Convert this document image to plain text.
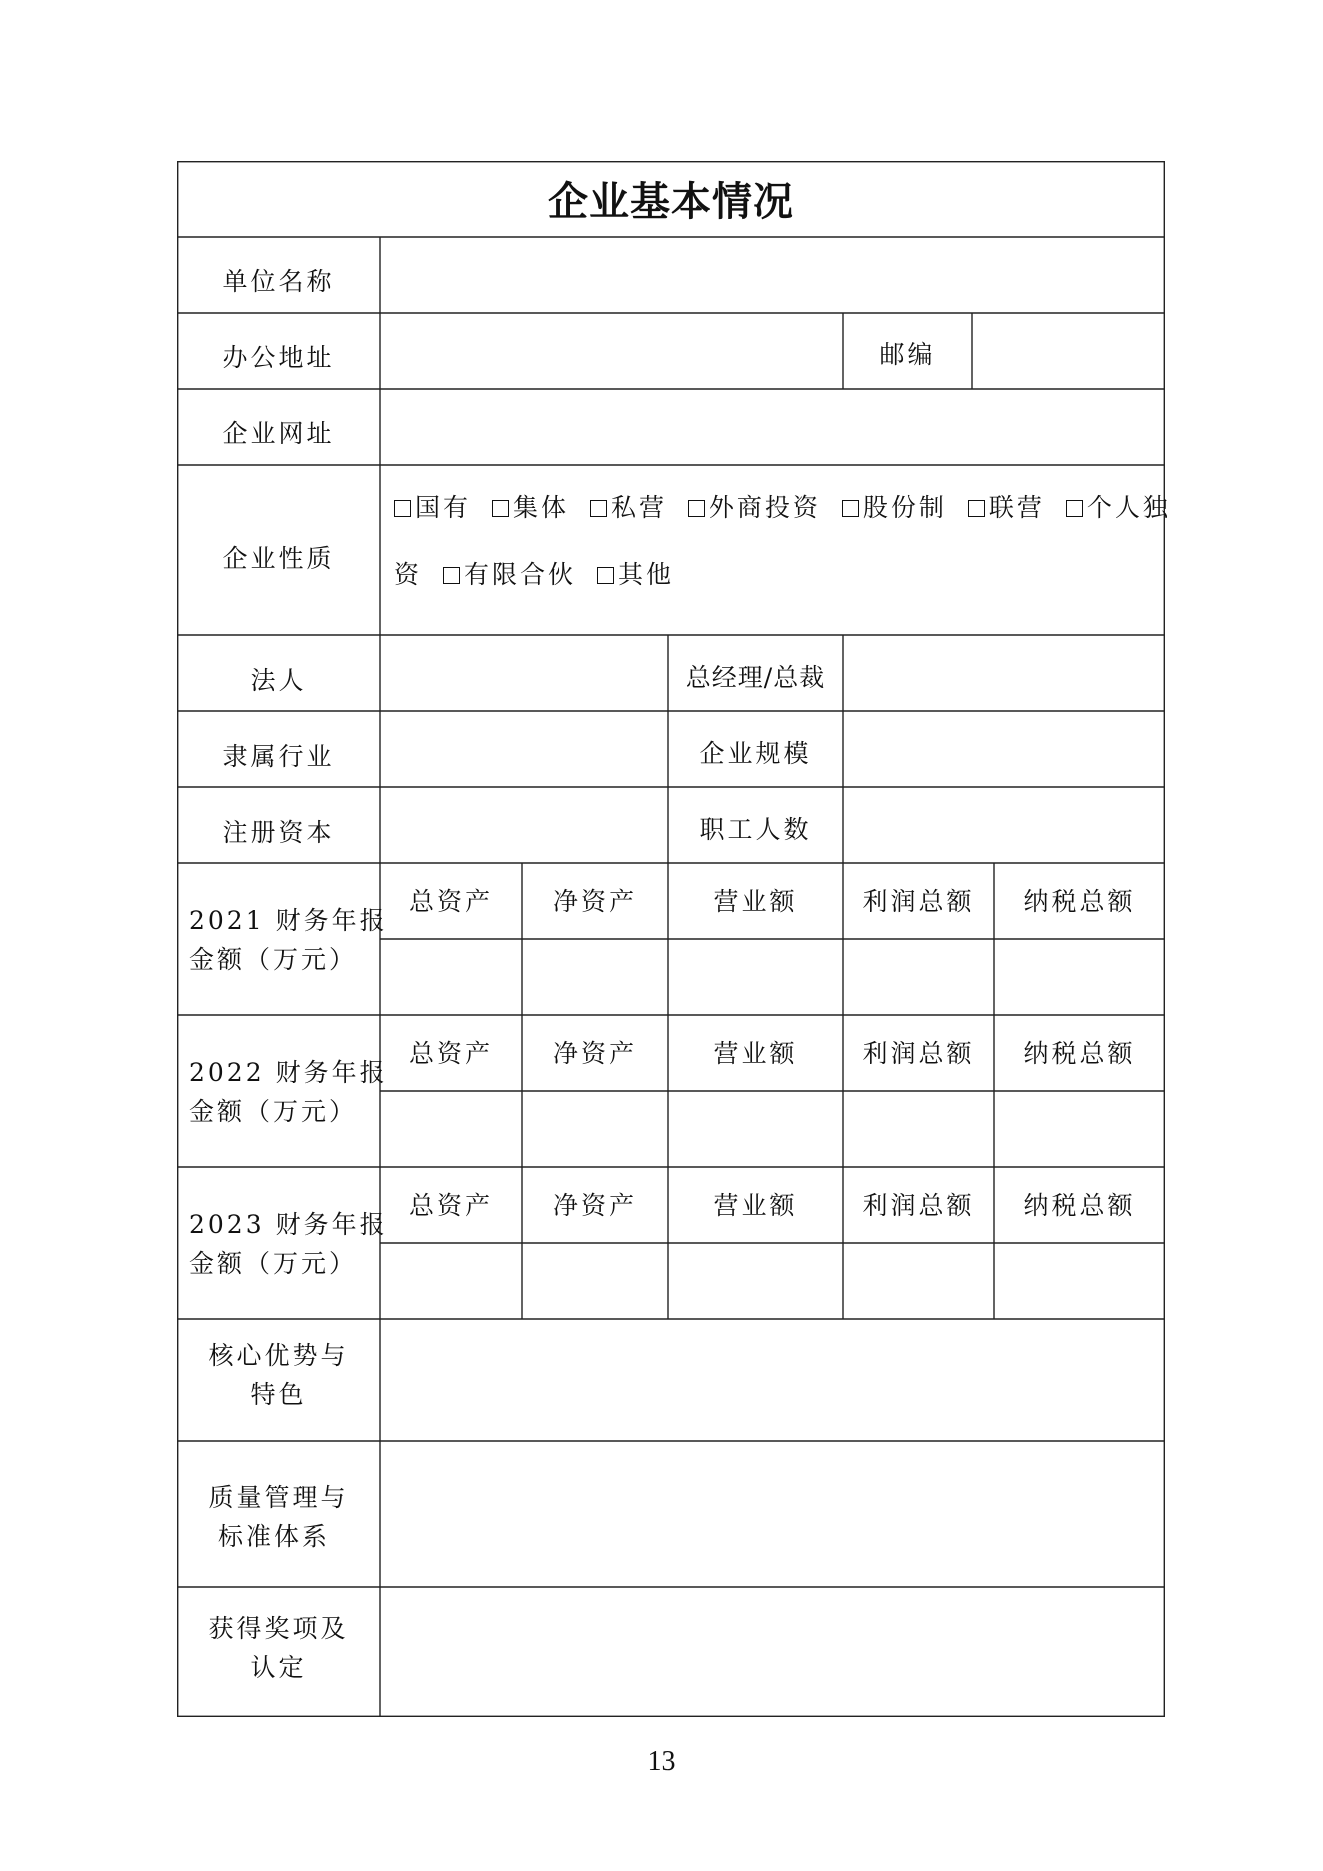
企业基本情况
单位名称
办公地址	邮编
企业网址
企业性质
国有 集体 私营 外商投资 股份制 联营 个人独
资 有限合伙 其他
法人	总经理/总裁
隶属行业	企业规模
注册资本	职工人数
2021 财务年报
金额（万元）
总资产	净资产	营业额	利润总额	纳税总额
2022 财务年报
金额（万元）
总资产	净资产	营业额	利润总额	纳税总额
2023 财务年报
金额（万元）
总资产	净资产	营业额	利润总额	纳税总额
核心优势与
特色
质量管理与
标准体系
获得奖项及
认定
13
